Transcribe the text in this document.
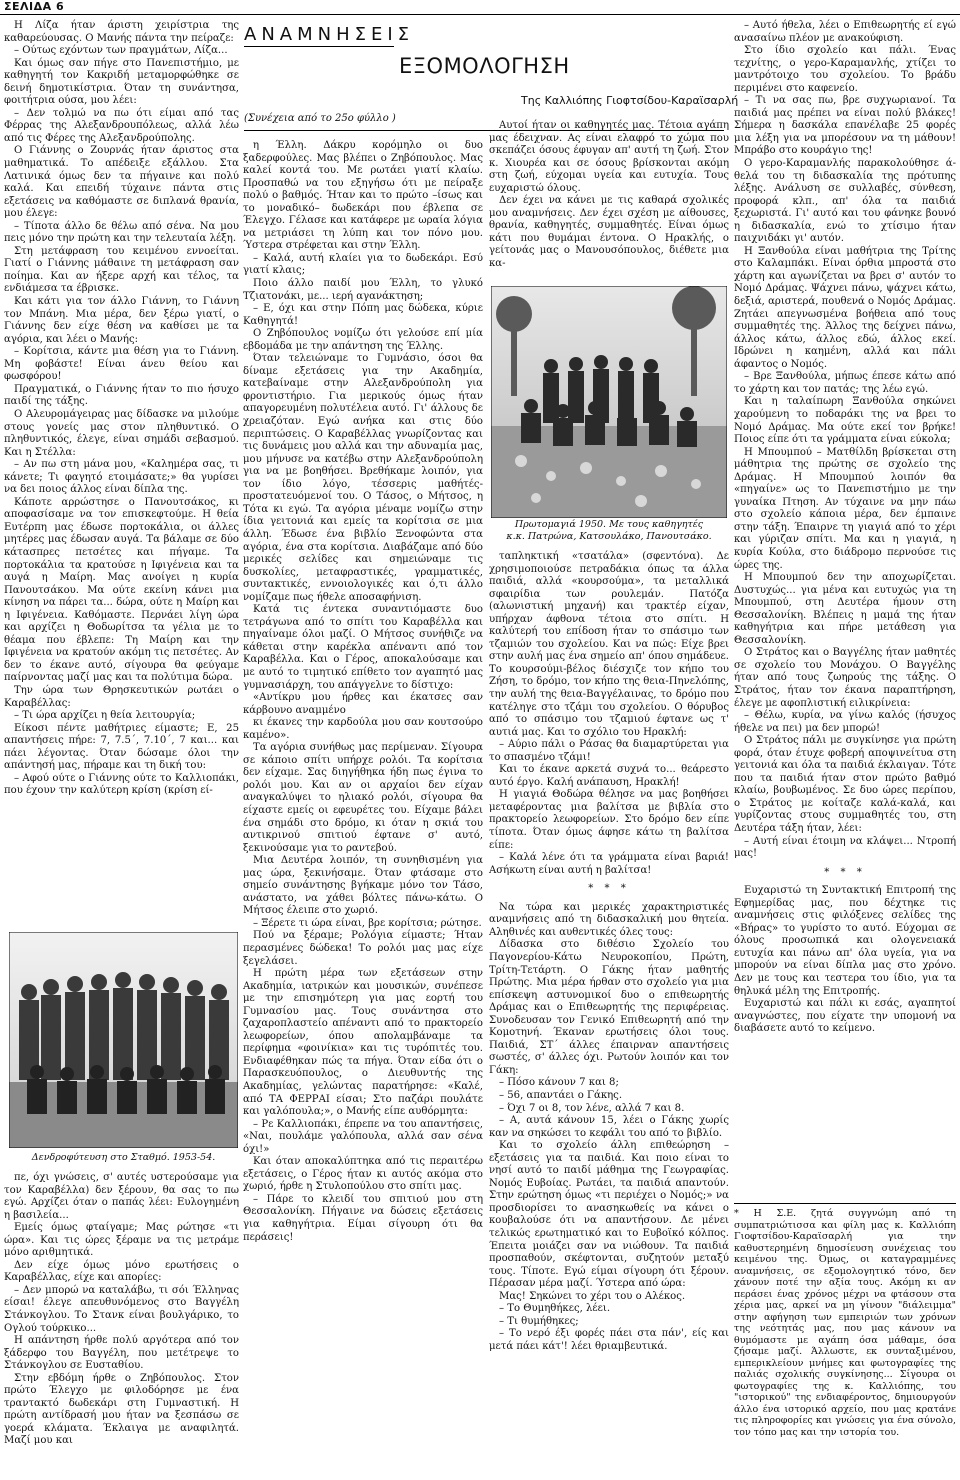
ΣΕΛΙΔΑ 6
ΑΝΑΜΝΗΣΕΙΣ
(Συνέχεια από το 25ο φύλλο )
ΕΞΟΜΟΛΟΓΗΣΗ
Της Καλλιόπης Γιοφτσίδου-Καραϊσαρλή

Η Λίζα ήταν άριστη χειρίστρια της καθαρεύουσας. Ο Μανής πάντα την πείραζε:

– Ούτως εχόντων των πραγμάτων, Λίζα...

Και όμως σαν πήγε στο Πανεπιστήμιο, με καθηγητή τον Κακριδή μεταμορφώθηκε σε δεινή δημοτικίστρια. Όταν τη συνάντησα, φοιτήτρια ούσα, μου λέει:

– Δεν τολμώ να πω ότι είμαι από τας Φέρρας της Αλεξανδρουπόλεως, αλλά λέω από τις Φέρες της Αλεξανδρούπολης.

Ο Γιάννης ο Ζουρνάς ήταν άριστος στα μαθηματικά. Το απέδειξε εξάλλου. Στα Λατινικά όμως δεν τα πήγαινε και πολύ καλά. Και επειδή τύχαινε πάντα στις εξετάσεις να καθόμαστε σε διπλανά θρανία, μου έλεγε:

– Τίποτα άλλο δε θέλω από σένα. Να μου πεις μόνο την πρώτη και την τελευταία λέξη.

Στη μετάφραση του κειμένου εννοείται. Γιατί ο Γιάννης μάθαινε τη μετάφραση σαν ποίημα. Και αν ήξερε αρχή και τέλος, τα ενδιάμεσα τα έβρισκε.

Και κάτι για τον άλλο Γιάννη, το Γιάννη τον Μπάνη. Μια μέρα, δεν ξέρω γιατί, ο Γιάννης δεν είχε θέση να καθίσει με τα αγόρια, και λέει ο Μανής:

– Κορίτσια, κάντε μια θέση για το Γιάννη. Μη φοβάστε! Είναι άνευ θείου και φωσφόρου!

Πραγματικά, ο Γιάννης ήταν το πιο ήσυχο παιδί της τάξης.

Ο Αλευρομάγειρας μας δίδασκε να μιλούμε στους γονείς μας στον πληθυντικό. Ο πληθυντικός, έλεγε, είναι σημάδι σεβασμού. Και η Στέλλα:

– Αν πω στη μάνα μου, «Καλημέρα σας, τι κάνετε; Τι φαγητό ετοιμάσατε;» θα γυρίσει να δει ποιος άλλος είναι δίπλα της.

Κάποτε αρρώστησε ο Πανουτσάκος, κι αποφασίσαμε να τον επισκεφτούμε. Η θεία Ευτέρπη μας έδωσε πορτοκάλια, οι άλλες μητέρες μας έδωσαν αυγά. Τα βάλαμε σε δύο κάτασπρες πετσέτες και πήγαμε. Τα πορτοκάλια τα κρατούσε η Ιφιγένεια και τα αυγά η Μαίρη. Μας ανοίγει η κυρία Πανουτσάκου. Μα ούτε εκείνη κάνει μια κίνηση να πάρει τα... δώρα, ούτε η Μαίρη και η Ιφιγένεια. Καθόμαστε. Περνάει λίγη ώρα και αρχίζει η Θοδωρίτσα τα γέλια με το θέαμα που έβλεπε: Τη Μαίρη και την Ιφιγένεια να κρατούν ακόμη τις πετσέτες. Αν δεν το έκανε αυτό, σίγουρα θα φεύγαμε παίρνοντας μαζί μας και τα πολύτιμα δώρα.

Την ώρα των Θρησκευτικών ρωτάει ο Καραβέλλας:

– Τι ώρα αρχίζει η θεία λειτουργία;

Είκοσι πέντε μαθήτριες είμαστε; Ε, 25 απαντήσεις πήρε: 7, 7.5΄, 7.10΄, 7 και... και πάει λέγοντας. Όταν δώσαμε όλοι την απάντησή μας, πήραμε και τη δική του:

– Αφού ούτε ο Γιάννης ούτε το Καλλιοπάκι, που έχουν την καλύτερη κρίση (κρίση εί-

Δενδροφύτευση στο Σταθμό. 1953-54.

πε, όχι γνώσεις, σ' αυτές υστερούσαμε για τον Καραβέλλα) δεν ξέρουν, θα σας το πω εγώ. Αρχίζει όταν ο παπάς λέει: Ευλογημένη η βασιλεία...

Εμείς όμως φταίγαμε; Μας ρώτησε «τι ώρα». Και τις ώρες ξέραμε να τις μετράμε μόνο αριθμητικά.

Δεν είχε όμως μόνο ερωτήσεις ο Καραβέλλας, είχε και απορίες:

– Δεν μπορώ να καταλάβω, τι σόι Έλληνας είσαι! έλεγε απευθυνόμενος στο Βαγγέλη Στάνκογλου. Το Στανκ είναι βουλγάρικο, το Ογλού τούρκικο...

Η απάντηση ήρθε πολύ αργότερα από τον ξάδερφο του Βαγγέλη, που μετέτρεψε το Στάνκογλου σε Ευσταθίου.

Στην εβδόμη ήρθε ο Ζηβόπουλος. Στον πρώτο Έλεγχο με φιλοδόρησε με ένα τραντακτό δωδεκάρι στη Γυμναστική. Η πρώτη αντίδρασή μου ήταν να ξεσπάσω σε γοερά κλάματα. Έκλαιγα με αναφιλητά. Μαζί μου και

η Έλλη. Δάκρυ κορόμηλο οι δυο ξαδερφούλες. Μας βλέπει ο Ζηβόπουλος. Μας καλεί κοντά του. Με ρωτάει γιατί κλαίω. Προσπαθώ να του εξηγήσω ότι με πείραξε πολύ ο βαθμός. Ήταν και το πρώτο –ίσως και το μοναδικό– δωδεκάρι που έβλεπα σε Έλεγχο. Γέλασε και κατάφερε με ωραία λόγια να μετριάσει τη λύπη και τον πόνο μου. Ύστερα στρέφεται και στην Έλλη.

– Καλά, αυτή κλαίει για το δωδεκάρι. Εσύ γιατί κλαις;

Ποιο άλλο παιδί μου Έλλη, το γλυκό Τζιατονάκι, με... ιερή αγανάκτηση;

– Ε, όχι και στην Πόπη μας δώδεκα, κύριε Καθηγητά!

Ο Ζηβόπουλος νομίζω ότι γελούσε επί μία εβδομάδα με την απάντηση της Έλλης.

Όταν τελειώναμε το Γυμνάσιο, όσοι θα δίναμε εξετάσεις για την Ακαδημία, κατεβαίναμε στην Αλεξανδρούπολη για φροντιστήριο. Για μερικούς όμως ήταν απαγορευμένη πολυτέλεια αυτό. Γι' άλλους δε χρειαζόταν. Εγώ ανήκα και στις δύο περιπτώσεις. Ο Καραβέλλας γνωρίζοντας και τις δυνάμεις μου αλλά και την αδυναμία μας, μου μήνυσε να κατέβω στην Αλεξανδρούπολη για να με βοηθήσει. Βρεθήκαμε λοιπόν, για τον ίδιο λόγο, τέσσερις μαθήτές-προστατευόμενοί του. Ο Τάσος, ο Μήτσος, η Τότα κι εγώ. Τα αγόρια μέναμε νομίζω στην ίδια γειτονιά και εμείς τα κορίτσια σε μια άλλη. Έδωσε ένα βιβλίο Ξενοφώντα στα αγόρια, ένα στα κορίτσια. Διαβάζαμε από δύο μερικές σελίδες και σημειώναμε τις δυσκολίες, μεταφραστικές, γραμματικές, συντακτικές, εννοιολογικές και ό,τι άλλο νομίζαμε πως ήθελε αποσαφήνιση.

Κατά τις έντεκα συναντιόμαστε δυο τετράγωνα από το σπίτι του Καραβέλλα και πηγαίναμε όλοι μαζί. Ο Μήτσος συνήθιζε να κάθεται στην καρέκλα απέναντι από τον Καραβέλλα. Και ο Γέρος, αποκαλούσαμε και με αυτό το τιμητικό επίθετο τον αγαπητό μας γυμνασιάρχη, του απάγγελνε το δίστιχο:

«Αντίκρυ μου ήρθες και έκατσες σαν κάρβουνο αναμμένο

κι έκανες την καρδούλα μου σαν κουτσούρο καμένο».

Τα αγόρια συνήθως μας περίμεναν. Σίγουρα σε κάποιο σπίτι υπήρχε ρολόι. Τα κορίτσια δεν είχαμε. Σας διηγήθηκα ήδη πως έγινα το ρολόι μου. Και αν οι αρχαίοι δεν είχαν αναγκαλύψει το ηλιακό ρολόι, σίγουρα θα είχαστε εμείς οι εφευρέτες του. Είχαμε βάλει ένα σημάδι στο δρόμο, κι όταν η σκιά του αντικρινού σπιτιού έφτανε σ' αυτό, ξεκινούσαμε για το ραντεβού.

Μια Δευτέρα λοιπόν, τη συνηθισμένη για μας ώρα, ξεκινήσαμε. Όταν φτάσαμε στο σημείο συνάντησης βγήκαμε μόνο τον Τάσο, ανάστατο, να χάθει βόλτες πάνω-κάτω. Ο Μήτσος έλειπε στο χωριό.

– Ξέρετε τι ώρα είναι, βρε κορίτσια; ρώτησε.

Πού να ξέραμε; Ρολόγια είμαστε; Ήταν περασμένες δώδεκα! Το ρολόι μας μας είχε ξεγελάσει.

Η πρώτη μέρα των εξετάσεων στην Ακαδημία, ιατρικών και μουσικών, συνέπεσε με την επισημότερη για μας εορτή του Γυμνασίου μας. Τους συνάντησα στο ζαχαροπλαστείο απέναντι από το πρακτορείο λεωφορείων, όπου απολαμβάναμε τα περίφημα «φοινίκια» και τις τυρόπιτές του. Ενδιαφέθηκαν πώς τα πήγα. Όταν είδα ότι ο Παρασκευόπουλος, ο Διευθυντής της Ακαδημίας, γελώντας παρατήρησε: «Καλέ, από ΤΑ ΦΕΡΡΑΙ είσαι; Στο παζάρι πουλάτε και γαλόπουλα;», ο Μανής είπε αυθόρμητα:

– Ρε Καλλιοπάκι, έπρεπε να του απαντήσεις, «Ναι, πουλάμε γαλόπουλα, αλλά σαν σένα όχι!»

Και όταν αποκαλύπτηκα από τις περαιτέρω εξετάσεις, ο Γέρος ήταν κι αυτός ακόμα στο χωριό, ήρθε η Στυλοπούλου στο σπίτι μας.

– Πάρε το κλειδί του σπιτιού μου στη Θεσσαλονίκη. Πήγαινε να δώσεις εξετάσεις για καθηγήτρια. Είμαι σίγουρη ότι θα περάσεις!

Αυτοί ήταν οι καθηγητές μας. Τέτοια αγάπη μας έδειχναν. Ας είναι ελαφρό το χώμα που σκεπάζει όσους έφυγαν απ' αυτή τη ζωή. Στον κ. Χιουρέα και σε όσους βρίσκονται ακόμη στη ζωή, εύχομαι υγεία και ευτυχία. Τους ευχαριστώ όλους.

Δεν έχει να κάνει με τις καθαρά σχολικές μου αναμνήσεις. Δεν έχει σχέση με αίθουσες, θρανία, καθηγητές, συμμαθητές. Είναι όμως κάτι που θυμάμαι έντονα. Ο Ηρακλής, ο γείτονάς μας ο Μανουσόπουλος, διέθετε μια κα-

Πρωτομαγιά 1950. Με τους καθηγητές
κ.κ. Πατρώνα, Κατσουλάκο, Πανουτσάκο.

ταπληκτική «τσατάλα» (σφεντόνα). Δε χρησιμοποιούσε πετραδάκια όπως τα άλλα παιδιά, αλλά «κουρσούμα», τα μεταλλικά σφαιρίδια των ρουλεμάν. Πατόζα (αλωνιστική μηχανή) και τρακτέρ είχαν, υπήρχαν άφθονα τέτοια στο σπίτι. Η καλύτερή του επίδοση ήταν το σπάσιμο των τζαμιών του σχολείου. Και να πώς: Είχε βρει στην αυλή μας ένα σημείο απ' όπου σημάδευε. Το κουρσούμι-βέλος διέσχιζε τον κήπο του Ζήση, το δρόμο, τον κήπο της θεια-Πηνελόπης, την αυλή της θεια-Βαγγέλαινας, το δρόμο που κατέληγε στο τζάμι του σχολείου. Ο θόρυβος από το σπάσιμο του τζαμιού έφτανε ως τ' αυτιά μας. Και το σχόλιο του Ηρακλή:

– Αύριο πάλι ο Ράσας θα διαμαρτύρεται για το σπασμένο τζάμι!

Και το έκανε αρκετά συχνά το... θεάρεστο αυτό έργο. Καλή ανάπαυση, Ηρακλή!

Η γιαγιά Θοδώρα θέλησε να μας βοηθήσει μεταφέροντας μια βαλίτσα με βιβλία στο πρακτορείο λεωφορείων. Στο δρόμο δεν είπε τίποτα. Όταν όμως άφησε κάτω τη βαλίτσα είπε:

– Καλά λένε ότι τα γράμματα είναι βαριά! Ασήκωτη είναι αυτή η βαλίτσα!

* * *

Να τώρα και μερικές χαρακτηριστικές αναμνήσεις από τη διδασκαλική μου θητεία. Αληθινές και αυθεντικές όλες τους:

Δίδασκα στο διθέσιο Σχολείο του Παγονερίου-Κάτω Νευροκοπίου, Πρώτη, Τρίτη-Τετάρτη. Ο Γάκης ήταν μαθητής Πρώτης. Μια μέρα ήρθαν στο σχολείο για μια επίσκεψη αστυνομικοί δυο ο επιθεωρητής Δράμας και ο Επιθεωρητής της περιφέρειας. Συνοδευσαν τον Γενικό Επιθεωρητή από την Κομοτηνή. Έκαναν ερωτήσεις όλοι τους. Παιδιά, ΣΤ΄ άλλες έπαιρναν απαντήσεις σωστές, σ' άλλες όχι. Ρωτούν λοιπόν και τον Γάκη:

– Πόσο κάνουν 7 και 8;

– 56, απαντάει ο Γάκης.

– Όχι 7 οι 8, τον λένε, αλλά 7 και 8.

– Α, αυτά κάνουν 15, λέει ο Γάκης χωρίς καν να σηκώσει το κεφάλι του από το βιβλίο.

Και το σχολείο άλλη επιθεώρηση – εξετάσεις για τα παιδιά. Και ποιο είναι το νησί αυτό το παιδί μάθημα της Γεωγραφίας. Νομός Ευβοίας. Ρωτάει, τα παιδιά απαντούν. Στην ερώτηση όμως «τι περιέχει ο Νομός;» να προσδιορίσει το ανασηκωθείς να κάνει ο κουβαλούσε ότι να απαντήσουν. Δε μένει τελικώς ερωτηματικό και το Ευβοϊκό κόλπος. Έπειτα μοιάζει σαν να νιώθουν. Τα παιδιά προσπαθούν, σκέφτονται, συζητούν μεταξύ τους. Τίποτε. Εγώ είμαι σίγουρη ότι ξέρουν. Πέρασαν μέρα μαζί. Ύστερα από ώρα:

Μας! Σηκώνει το χέρι του ο Αλέκος.

– Το Θυμηθήκες, λέει.

– Τι θυμήθηκες;

– Το νερό έξι φορές πάει στα πάν', είς και μετά πάει κάτ'! λέει θριαμβευτικά.

– Αυτό ήθελα, λέει ο Επιθεωρητής εί εγώ ανασαίνω πλέον με ανακούφιση.

Στο ίδιο σχολείο και πάλι. Ένας τεχνίτης, ο γερο-Καραμανλής, χτίζει το μαντρότοιχο του σχολείου. Το βράδυ περιμένει στο καφενείο.

– Τι να σας πω, βρε συχγωριανοί. Τα παιδιά μας πρέπει να είναι πολύ βλάκες! Σήμερα η δασκάλα επανέλαβε 25 φορές μια λέξη για να μπορέσουν να τη μάθουν! Μπράβο στο κουράγιο της!

Ο γερο-Καραμανλής παρακολούθησε ά- θελά του τη διδασκαλία της πρότυπης λέξης. Ανάλυση σε συλλαβές, σύνθεση, προφορά κλπ., απ' όλα τα παιδιά ξεχωριστά. Γι' αυτό και του φάνηκε βουνό η διδασκαλία, ενώ το χτίσιμο ήταν παιχνιδάκι γι' αυτόν.

Η Ξανθούλα είναι μαθήτρια της Τρίτης στο Καλαμπάκι. Είναι όρθια μπροστά στο χάρτη και αγωνίζεται να βρει σ' αυτόν το Νομό Δράμας. Ψάχνει πάνω, ψάχνει κάτω, δεξιά, αριστερά, πουθενά ο Νομός Δράμας. Ζητάει απεγνωσμένα βοήθεια από τους συμμαθητές της. Άλλος της δείχνει πάνω, άλλος κάτω, άλλος εδώ, άλλος εκεί. Ιδρώνει η καημένη, αλλά και πάλι άφαντος ο Νομός.

– Βρε Ξανθούλα, μήπως έπεσε κάτω από το χάρτη και τον πατάς; της λέω εγώ.

Και η ταλαίπωρη Ξανθούλα σηκώνει χαρούμενη το ποδαράκι της να βρει το Νομό Δράμας. Μα ούτε εκεί τον βρήκε! Ποιος είπε ότι τα γράμματα είναι εύκολα;

Η Μπουμπού – Ματθίλδη βρίσκεται στη μάθητρια της πρώτης σε σχολείο της Δράμας. Η Μπουμπού λοιπόν θα «πηγαίνε» ως το Πανεπιστήμιο με την γυναίκα Πτηση. Αν τύχαινε να μην πάω στο σχολείο κάποια μέρα, δεν έμπαινε στην τάξη. Έπαιρνε τη γιαγιά από το χέρι και γύριζαν σπίτι. Μα και η γιαγιά, η κυρία Κούλα, στο διάδρομο περνούσε τις ώρες της.

Η Μπουμπού δεν την αποχωρίζεται. Δυστυχώς... για μένα και ευτυχώς για τη Μπουμπού, στη Δευτέρα ήμουν στη Θεσσαλονίκη. Βλέπεις η μαμά της ήταν καθηγήτρια και πήρε μετάθεση για Θεσσαλονίκη.

Ο Στράτος και ο Βαγγέλης ήταν μαθητές σε σχολείο του Μονάχου. Ο Βαγγέλης ήταν από τους ζωηρούς της τάξης. Ο Στράτος, ήταν τον έκανα παραπτήρηση, έλεγε με αφοπλιστική ειλικρίνεια:

– Θέλω, κυρία, να γίνω καλός (ήσυχος ήθελε να πει) μα δεν μπορώ!

Ο Στράτος πάλι με συγκίνησε για πρώτη φορά, όταν έτυχε φοβερή αποψινείτυα στη γειτονιά και όλα τα παιδιά έκλαιγαν. Τότε που τα παιδιά ήταν στον πρώτο βαθμό κλαίω, βουβωμένος. Σε δυο ώρες περίπου, ο Στράτος με κοίταζε καλά-καλά, και γυρίζοντας στους συμμαθητές του, στη Δευτέρα τάξη ήταν, λέει:

– Αυτή είναι έτοιμη να κλάψει... Ντροπή μας!

* * *

Ευχαριστώ τη Συντακτική Επιτροπή της Εφημερίδας μας, που δέχτηκε τις αναμνήσεις στις φιλόξενες σελίδες της «Βήρας» το γυρίστο το αυτό. Εύχομαι σε όλους προσωπικά και ολογενειακά ευτυχία και πάνω απ' όλα υγεία, για να μπορούν να είναι δίπλα μας στο χρόνο. Δεν με τους και τεστερα του ίδιο, για τα θηλυκά μέλη της Επιτροπής.

Ευχαριστώ και πάλι κι εσάς, αγαπητοί αναγνώστες, που είχατε την υπομονή να διαβάσετε αυτό το κείμενο.

* Η Σ.Ε. ζητά συγγνώμη από τη συμπατριώτισσα και φίλη μας κ. Καλλιόπη Γιοφτσίδου-Καραϊσαρλή για την καθυστερημένη δημοσίευση συνέχειας του κειμένου της. Όμως, οι καταγραμμένες αναμνήσεις, σε εξομολογητικό τόνο, δεν χάνουν ποτέ την αξία τους. Ακόμη κι αν περάσει ένας χρόνος μέχρι να φτάσουν στα χέρια μας, αρκεί να μη γίνουν "διάλειμμα" στην αφήγηση των εμπειριών των χρόνων της νεότητάς μας, που μας κάνουν να θυμόμαστε με αγάπη όσα μάθαμε, όσα ζήσαμε μαζί. Άλλωστε, εκ συνταξιμένου, εμπερικλείουν μνήμες και φωτογραφίες της παλιάς σχολικής συγκίνησης... Σίγουρα οι φωτογραφίες της κ. Καλλιόπης, του "ιστορικού" της ενδιαφέροντος, δημιουργούν άλλο ένα ιστορικό αρχείο, που μας κρατάνε τις πληροφορίες και γνώσεις για ένα σύνολο, τον τόπο μας και την ιστορία του.
